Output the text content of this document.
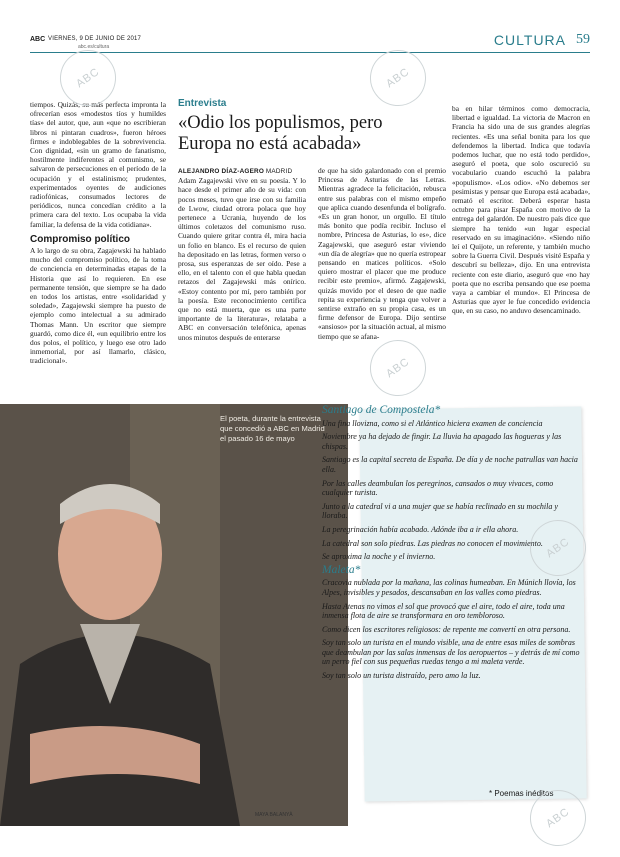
ABC VIERNES, 9 DE JUNIO DE 2017
abc.es/cultura	CULTURA 59
tiempos. Quizás, su más perfecta impronta la ofrecerían esos «modestos tíos y humildes tías» del autor, que, aun «que no escribieran libros ni pintaran cuadros», fueron héroes firmes e indoblegables de la sobrevivencia. Con dignidad, «sin un gramo de fanatismo, hostilmente indiferentes al comunismo, se salvaron de persecuciones en el período de la ocupación y el estalinismo; prudentes, experimentados oyentes de audiciones radiofónicas, consumados lectores de periódicos, nunca concedían crédito a la primera cara del texto. Los ocupaba la vida familiar, la defensa de la vida cotidiana».
Compromiso político
A lo largo de su obra, Zagajewski ha hablado mucho del compromiso político, de la toma de conciencia en determinadas etapas de la Historia que así lo requieren. En ese permanente tensión, que siempre se ha dado en todos los artistas, entre «solidaridad y soledad», Zagajewski siempre ha puesto de ejemplo como intelectual a su admirado Thomas Mann. Un escritor que siempre guardó, como dice él, «un equilibrio entre los dos polos, el político, y luego ese otro lado inmemorial, por así llamarlo, clásico, tradicional».
Entrevista
«Odio los populismos, pero Europa no está acabada»
ALEJANDRO DÍAZ-AGERO MADRID
Adam Zagajewski vive en su poesía. Y lo hace desde el primer año de su vida: con pocos meses, tuvo que irse con su familia de Lwow, ciudad otrora polaca que hoy pertenece a Ucrania, huyendo de los últimos coletazos del comunismo ruso. Cuando quiere gritar contra él, mira hacia un folio en blanco. Es el recurso de quien ha depositado en las letras, formen verso o prosa, sus esperanzas de ser oído. Pese a ello, en el talento con el que habla quedan retazos del Zagajewski más onírico. «Estoy contento por mí, pero también por la poesía. Este reconocimiento certifica que no está muerta, que es una parte importante de la literatura», relataba a ABC en conversación telefónica, apenas unos minutos después de enterarse
de que ha sido galardonado con el premio Princesa de Asturias de las Letras. Mientras agradece la felicitación, rebusca entre sus palabras con el mismo empeño que aplica cuando desenfunda el bolígrafo. «Es un gran honor, un orgullo. El título más bonito que podía recibir. Incluso el nombre, Princesa de Asturias, lo es», dice Zagajewski, que aseguró estar viviendo «un día de alegría» que no quería estropear pensando en matices políticos. «Solo quiero mostrar el placer que me produce recibir este premio», afirmó. Zagajewski, quizás movido por el deseo de que nadie repita su experiencia y tenga que volver a sentirse extraño en su propia casa, es un firme defensor de Europa. Dijo sentirse «ansioso» por la situación actual, al mismo tiempo que se afana-
ba en hilar términos como democracia, libertad e igualdad. La victoria de Macron en Francia ha sido una de sus grandes alegrías recientes. «Es una señal bonita para los que defendemos la libertad. Indica que todavía podemos luchar, que no está todo perdido», aseguró el poeta, que solo oscureció su vocabulario cuando escuchó la palabra «populismo». «Los odio». «No debemos ser pesimistas y pensar que Europa está acabada», remató el escritor. Deberá esperar hasta octubre para pisar España con motivo de la entrega del galardón. De nuestro país dice que siempre ha tenido «un lugar especial reservado en su imaginación». «Siendo niño leí el Quijote, un referente, y también mucho sobre la Guerra Civil. Después visité España y descubrí su belleza», dijo. En una entrevista reciente con este diario, aseguró que «no hay poeta que no escriba pensando que ese poema vaya a cambiar el mundo». El Princesa de Asturias que ayer le fue concedido evidencia que, en su caso, no anduvo desencaminado.
El poeta, durante la entrevista que concedió a ABC en Madrid el pasado 16 de mayo
MAYA BALANYÀ
Santiago de Compostela*
Una fina llovizna, como si el Atlántico hiciera examen de conciencia
Noviembre ya ha dejado de fingir. La lluvia ha apagado las hogueras y las chispas.
Santiago es la capital secreta de España. De día y de noche patrullas van hacia ella.
Por las calles deambulan los peregrinos, cansados o muy vivaces, como cualquier turista.
Junto a la catedral vi a una mujer que se había reclinado en su mochila y lloraba.
La peregrinación había acabado. Adónde iba a ir ella ahora.
La catedral son solo piedras. Las piedras no conocen el movimiento.
Se aproxima la noche y el invierno.
Maleta*
Cracovia nublada por la mañana, las colinas humeaban. En Múnich llovía, los Alpes, invisibles y pesados, descansaban en los valles como piedras.
Hasta Atenas no vimos el sol que provocó que el aire, todo el aire, toda una inmensa flota de aire se transformara en oro tembloroso.
Como dicen los escritores religiosos: de repente me convertí en otra persona.
Soy tan solo un turista en el mundo visible, una de entre esas miles de sombras que deambulan por las salas inmensas de los aeropuertos – y detrás de mí como un perro fiel con sus pequeñas ruedas tengo a mi maleta verde.
Soy tan solo un turista distraído, pero amo la luz.
* Poemas inéditos
ABC	ABC
ABC
ABC
ABC
